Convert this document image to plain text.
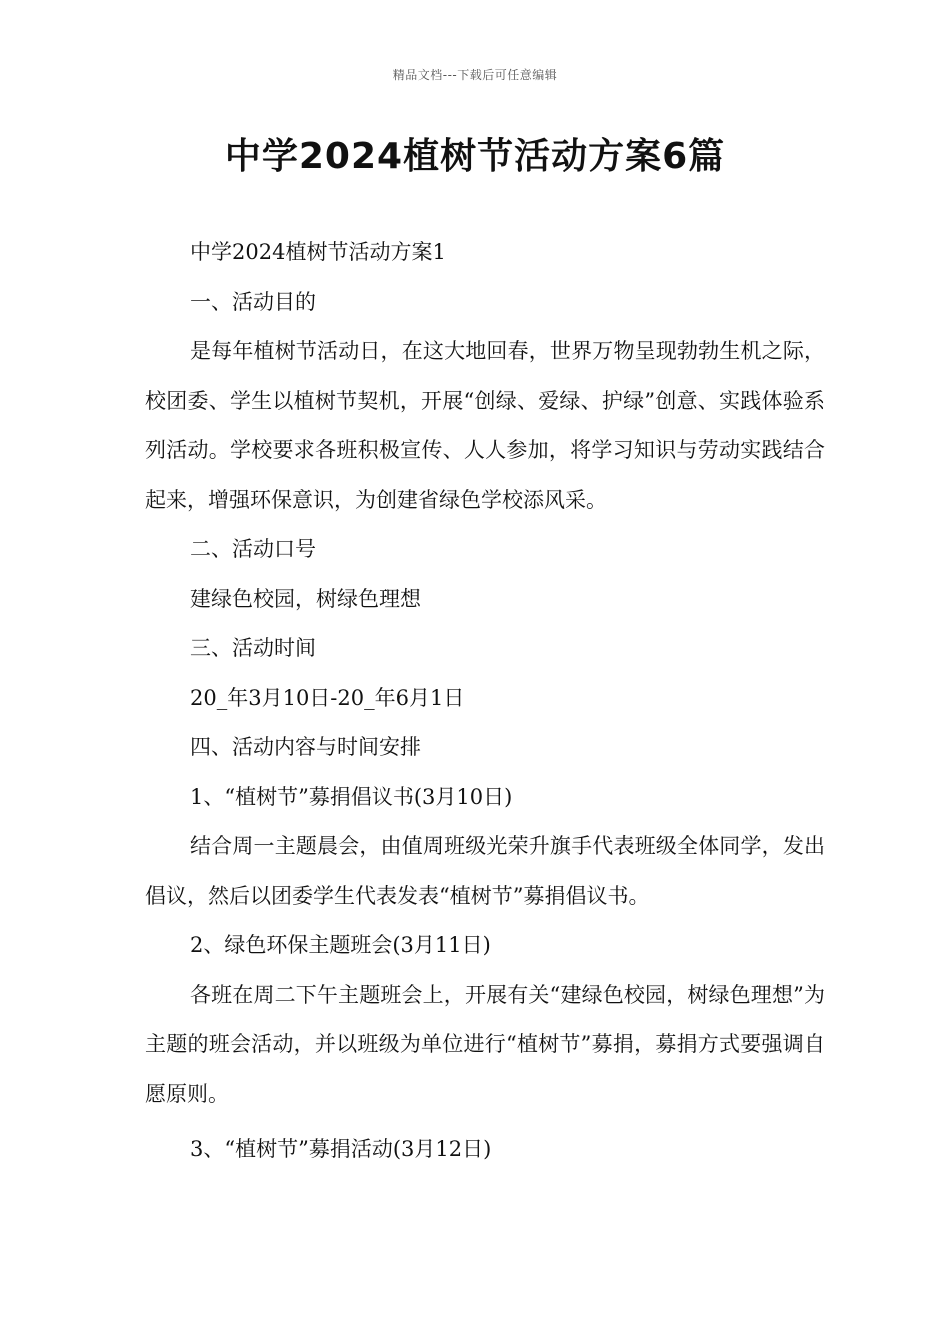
精品文档---下载后可任意编辑
中学2024植树节活动方案6篇

中学2024植树节活动方案1

一、活动目的

是每年植树节活动日，在这大地回春，世界万物呈现勃勃生机之际，校团委、学生以植树节契机，开展“创绿、爱绿、护绿”创意、实践体验系列活动。学校要求各班积极宣传、人人参加，将学习知识与劳动实践结合起来，增强环保意识，为创建省绿色学校添风采。

二、活动口号

建绿色校园，树绿色理想

三、活动时间

20_年3月10日-20_年6月1日

四、活动内容与时间安排

1、“植树节”募捐倡议书(3月10日)

结合周一主题晨会，由值周班级光荣升旗手代表班级全体同学，发出倡议，然后以团委学生代表发表“植树节”募捐倡议书。

2、绿色环保主题班会(3月11日)

各班在周二下午主题班会上，开展有关“建绿色校园，树绿色理想”为主题的班会活动，并以班级为单位进行“植树节”募捐，募捐方式要强调自愿原则。

3、“植树节”募捐活动(3月12日)
